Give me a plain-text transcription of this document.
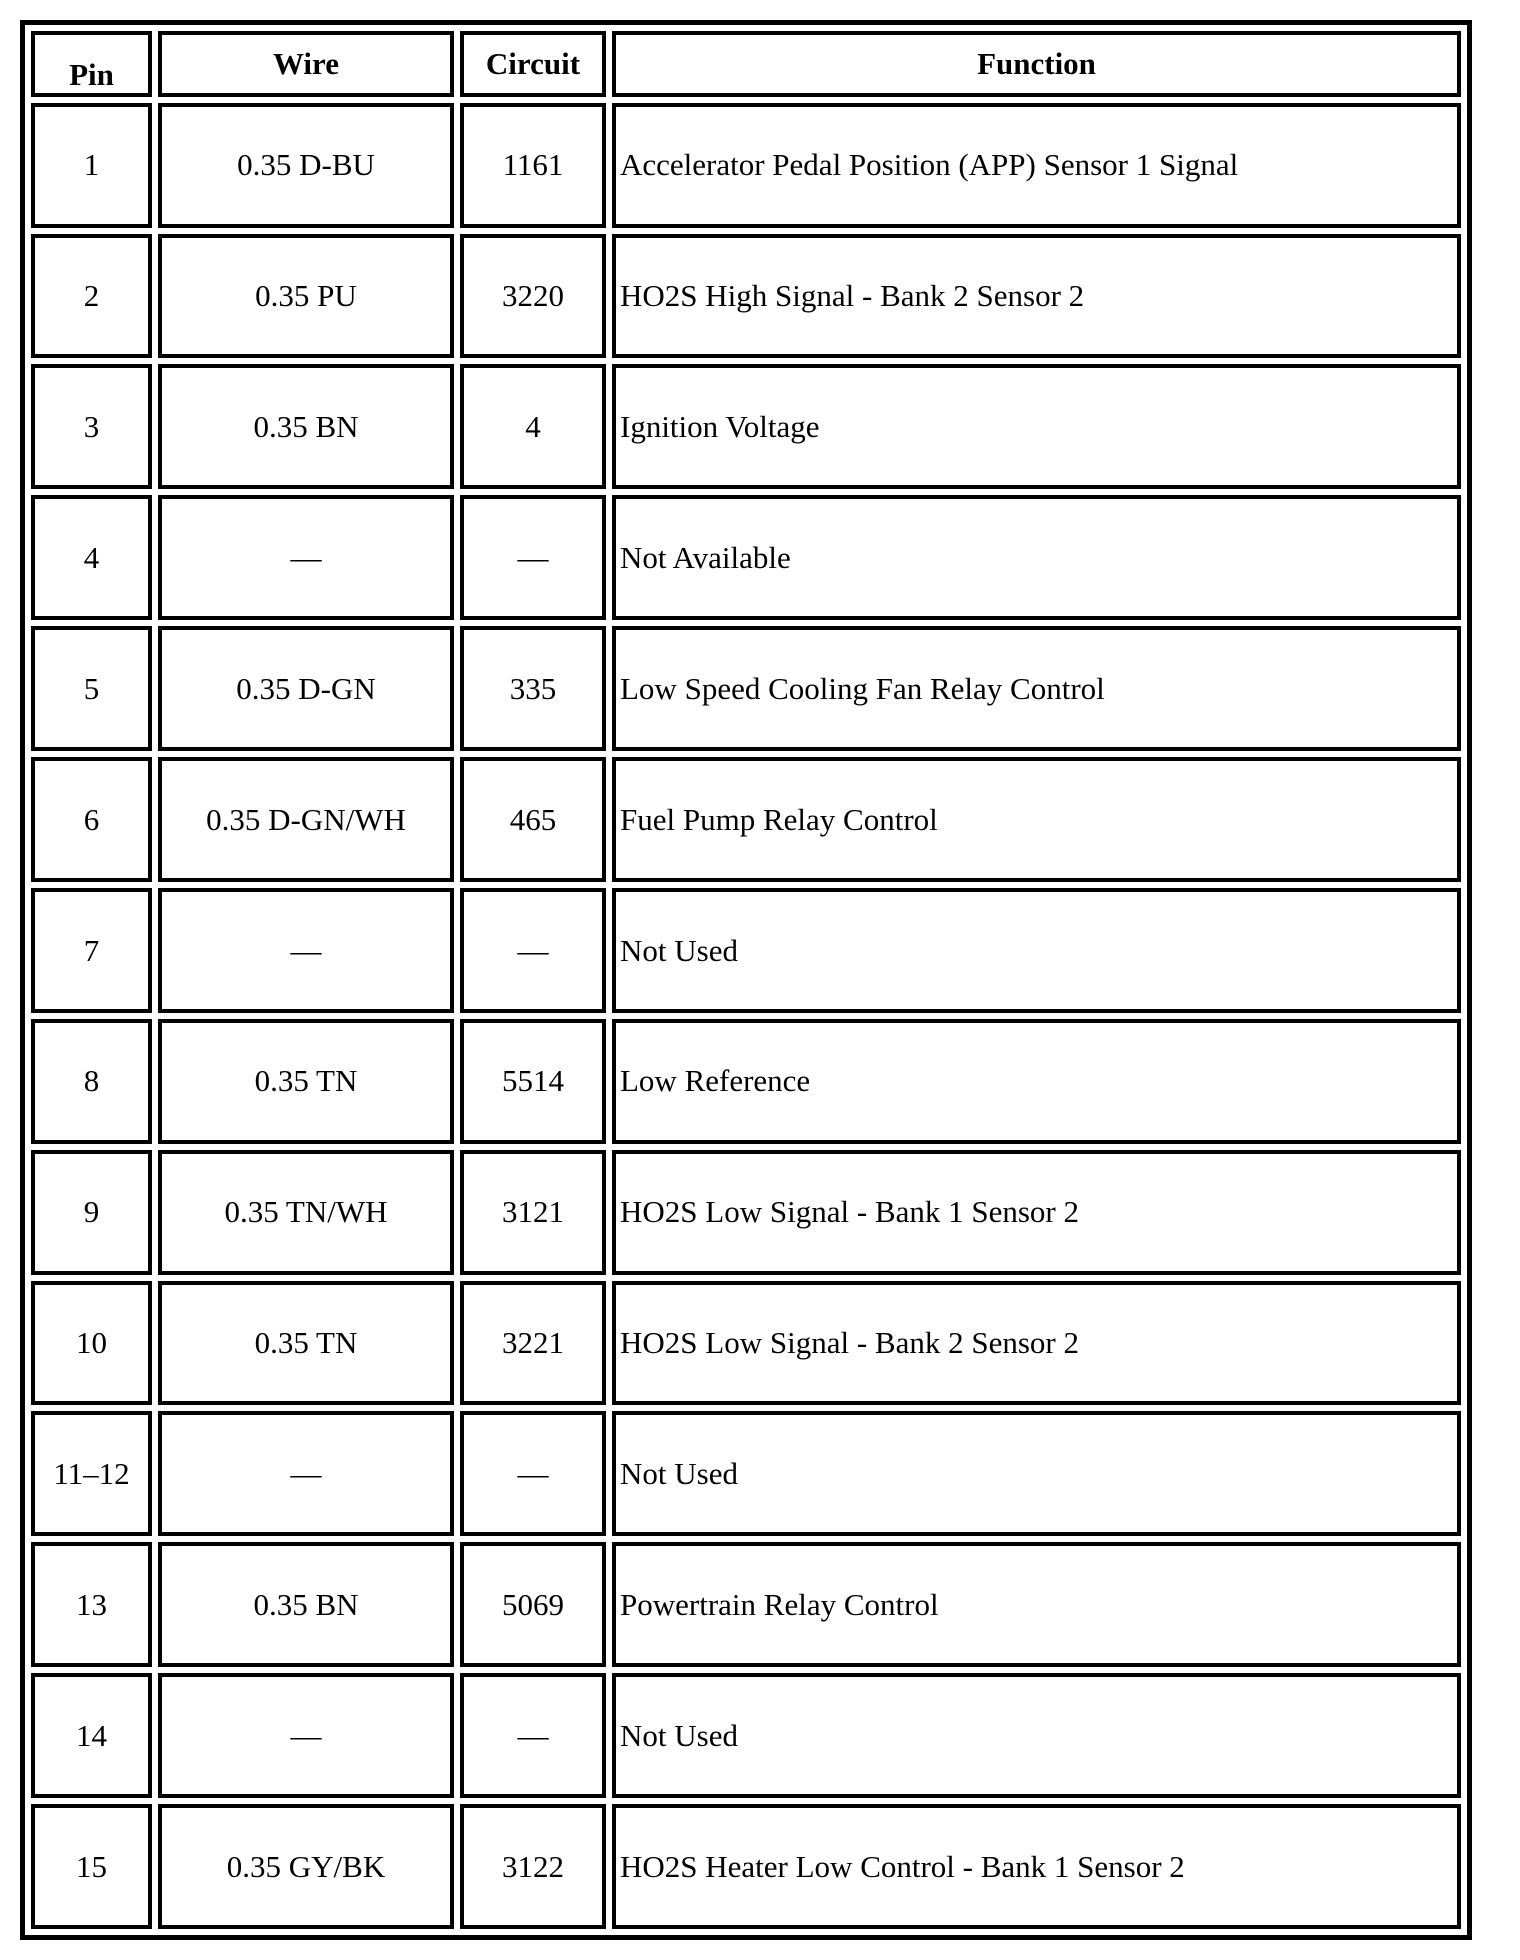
Pin	Wire	Circuit	Function
1	0.35 D-BU	1161	Accelerator Pedal Position (APP) Sensor 1 Signal
2	0.35 PU	3220	HO2S High Signal - Bank 2 Sensor 2
3	0.35 BN	4	Ignition Voltage
4	—	—	Not Available
5	0.35 D-GN	335	Low Speed Cooling Fan Relay Control
6	0.35 D-GN/WH	465	Fuel Pump Relay Control
7	—	—	Not Used
8	0.35 TN	5514	Low Reference
9	0.35 TN/WH	3121	HO2S Low Signal - Bank 1 Sensor 2
10	0.35 TN	3221	HO2S Low Signal - Bank 2 Sensor 2
11–12	—	—	Not Used
13	0.35 BN	5069	Powertrain Relay Control
14	—	—	Not Used
15	0.35 GY/BK	3122	HO2S Heater Low Control - Bank 1 Sensor 2
